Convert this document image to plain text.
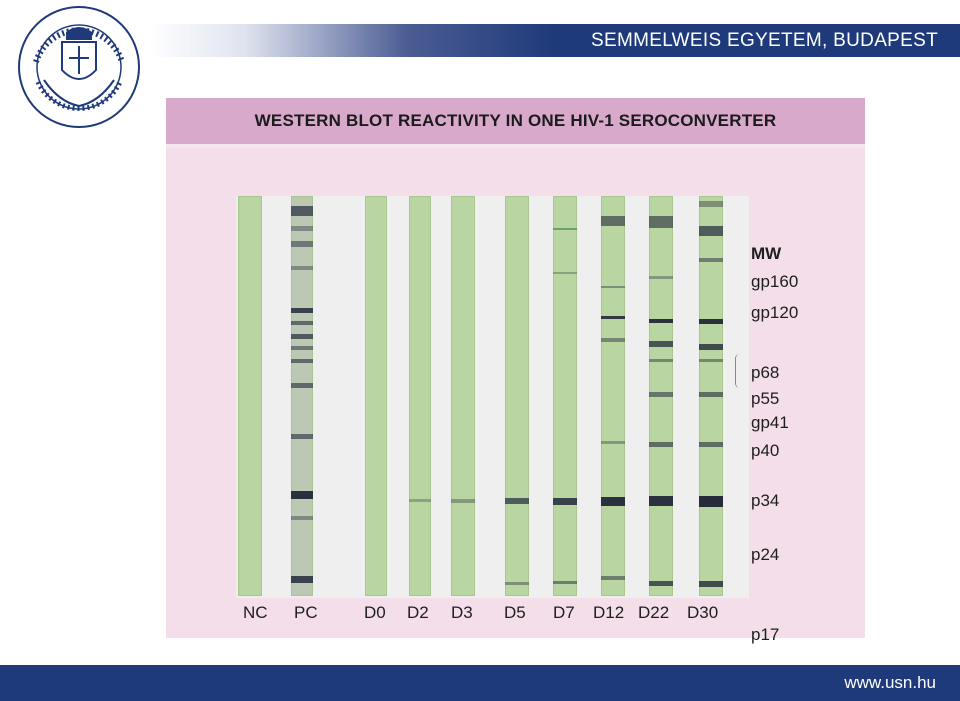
SEMMELWEIS EGYETEM, BUDAPEST
WESTERN BLOT REACTIVITY IN ONE HIV-1 SEROCONVERTER
MW
gp160
gp120
p68
p55
gp41
p40
p34
p24
p17
NC PC	D0 D2 D3 D5 D7 D12 D22 D30
www.usn.hu
